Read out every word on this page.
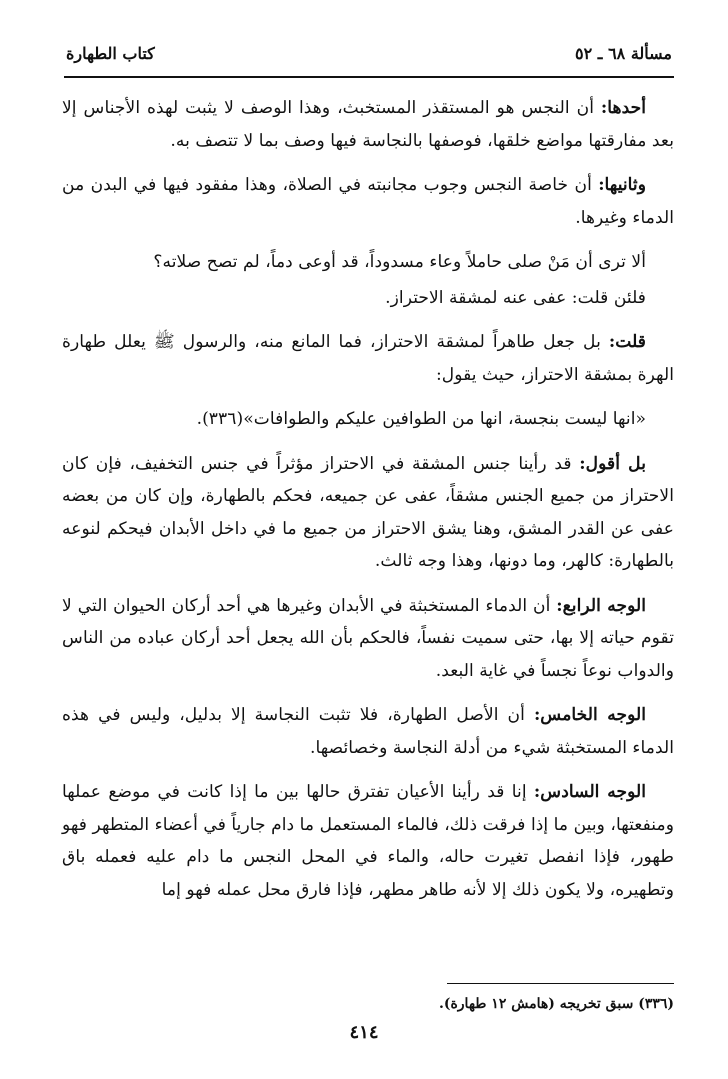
مسألة ٦٨ ـ ٥٢
كتاب الطهارة

أحدها: أن النجس هو المستقذر المستخبث، وهذا الوصف لا يثبت لهذه الأجناس إلا بعد مفارقتها مواضع خلقها، فوصفها بالنجاسة فيها وصف بما لا تتصف به.

وثانيها: أن خاصة النجس وجوب مجانبته في الصلاة، وهذا مفقود فيها في البدن من الدماء وغيرها.

ألا ترى أن مَنْ صلى حاملاً وعاء مسدوداً، قد أوعى دماً، لم تصح صلاته؟

فلئن قلت: عفى عنه لمشقة الاحتراز.

قلت: بل جعل طاهراً لمشقة الاحتراز، فما المانع منه، والرسول ﷺ يعلل طهارة الهرة بمشقة الاحتراز، حيث يقول:

«انها ليست بنجسة، انها من الطوافين عليكم والطوافات»(٣٣٦).

بل أقول: قد رأينا جنس المشقة في الاحتراز مؤثراً في جنس التخفيف، فإن كان الاحتراز من جميع الجنس مشقاً، عفى عن جميعه، فحكم بالطهارة، وإن كان من بعضه عفى عن القدر المشق، وهنا يشق الاحتراز من جميع ما في داخل الأبدان فيحكم لنوعه بالطهارة: كالهر، وما دونها، وهذا وجه ثالث.

الوجه الرابع: أن الدماء المستخبثة في الأبدان وغيرها هي أحد أركان الحيوان التي لا تقوم حياته إلا بها، حتى سميت نفساً، فالحكم بأن الله يجعل أحد أركان عباده من الناس والدواب نوعاً نجساً في غاية البعد.

الوجه الخامس: أن الأصل الطهارة، فلا تثبت النجاسة إلا بدليل، وليس في هذه الدماء المستخبثة شيء من أدلة النجاسة وخصائصها.

الوجه السادس: إنا قد رأينا الأعيان تفترق حالها بين ما إذا كانت في موضع عملها ومنفعتها، وبين ما إذا فرقت ذلك، فالماء المستعمل ما دام جارياً في أعضاء المتطهر فهو طهور، فإذا انفصل تغيرت حاله، والماء في المحل النجس ما دام عليه فعمله باق وتطهيره، ولا يكون ذلك إلا لأنه طاهر مطهر، فإذا فارق محل عمله فهو إما

(٣٣٦) سبق تخريجه (هامش ١٢ طهارة).
٤١٤
